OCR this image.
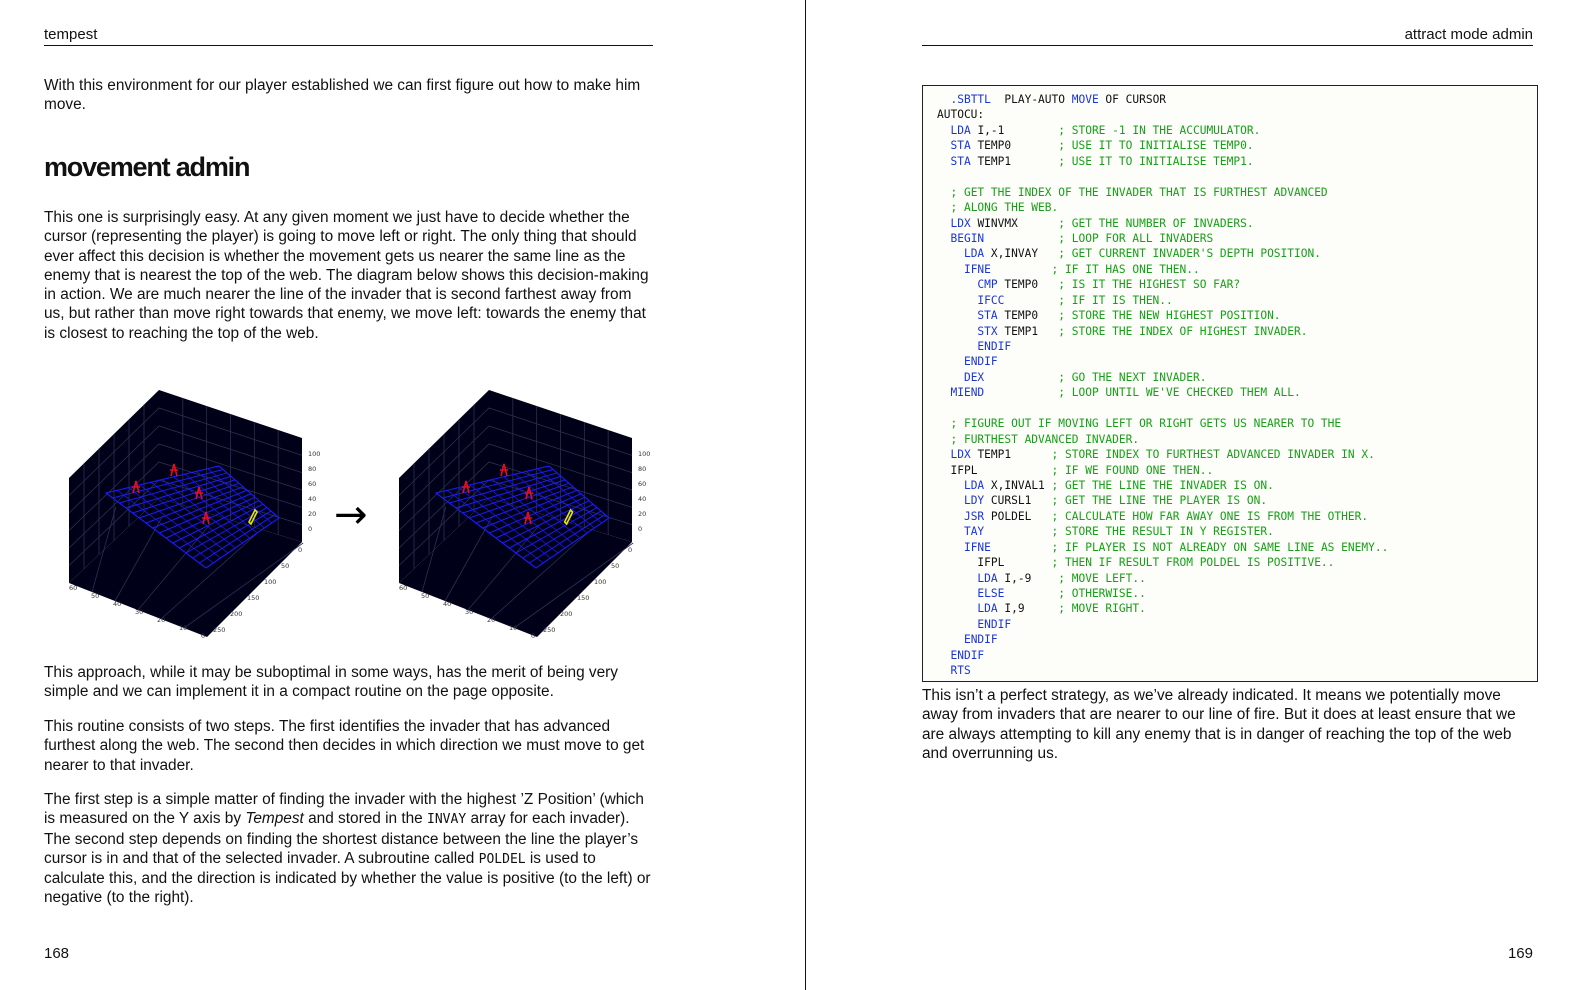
tempest
With this environment for our player established we can first figure out how to make him move.
movement admin
This one is surprisingly easy. At any given moment we just have to decide whether the cursor (representing the player) is going to move left or right. The only thing that should ever affect this decision is whether the movement gets us nearer the same line as the enemy that is nearest the top of the web. The diagram below shows this decision-making in action. We are much nearer the line of the invader that is second farthest away from us, but rather than move right towards that enemy, we move left: towards the enemy that is closest to reaching the top of the web.
100
80
60
40
20
0
0
50
100
150
200
250
60
50
40
30
20
10
0
100
80
60
40
20
0
0
50
100
150
200
250
60
50
40
30
20
10
0
→
This approach, while it may be suboptimal in some ways, has the merit of being very simple and we can implement it in a compact routine on the page opposite.
This routine consists of two steps. The first identifies the invader that has advanced furthest along the web. The second then decides in which direction we must move to get nearer to that invader.
The first step is a simple matter of finding the invader with the highest ’Z Position’ (which is measured on the Y axis by Tempest and stored in the INVAY array for each invader). The second step depends on finding the shortest distance between the line the player’s cursor is in and that of the selected invader. A subroutine called POLDEL is used to calculate this, and the direction is indicated by whether the value is positive (to the left) or negative (to the right).
168
attract mode admin
.SBTTL  PLAY-AUTO MOVE OF CURSOR
AUTOCU:
LDA I,-1        ; STORE -1 IN THE ACCUMULATOR.
STA TEMP0       ; USE IT TO INITIALISE TEMP0.
STA TEMP1       ; USE IT TO INITIALISE TEMP1.
; GET THE INDEX OF THE INVADER THAT IS FURTHEST ADVANCED
; ALONG THE WEB.
LDX WINVMX      ; GET THE NUMBER OF INVADERS.
BEGIN	; LOOP FOR ALL INVADERS
LDA X,INVAY   ; GET CURRENT INVADER'S DEPTH POSITION.
IFNE	; IF IT HAS ONE THEN..
CMP TEMP0   ; IS IT THE HIGHEST SO FAR?
IFCC	; IF IT IS THEN..
STA TEMP0   ; STORE THE NEW HIGHEST POSITION.
STX TEMP1   ; STORE THE INDEX OF HIGHEST INVADER.
ENDIF
ENDIF
DEX	; GO THE NEXT INVADER.
MIEND	; LOOP UNTIL WE'VE CHECKED THEM ALL.
; FIGURE OUT IF MOVING LEFT OR RIGHT GETS US NEARER TO THE
; FURTHEST ADVANCED INVADER.
LDX TEMP1      ; STORE INDEX TO FURTHEST ADVANCED INVADER IN X.
IFPL           ; IF WE FOUND ONE THEN..
LDA X,INVAL1 ; GET THE LINE THE INVADER IS ON.
LDY CURSL1   ; GET THE LINE THE PLAYER IS ON.
JSR POLDEL   ; CALCULATE HOW FAR AWAY ONE IS FROM THE OTHER.
TAY	; STORE THE RESULT IN Y REGISTER.
IFNE	; IF PLAYER IS NOT ALREADY ON SAME LINE AS ENEMY..
IFPL       ; THEN IF RESULT FROM POLDEL IS POSITIVE..
LDA I,-9    ; MOVE LEFT..
ELSE	; OTHERWISE..
LDA I,9     ; MOVE RIGHT.
ENDIF
ENDIF
ENDIF
RTS
This isn’t a perfect strategy, as we’ve already indicated. It means we potentially move away from invaders that are nearer to our line of fire. But it does at least ensure that we are always attempting to kill any enemy that is in danger of reaching the top of the web and overrunning us.
169
